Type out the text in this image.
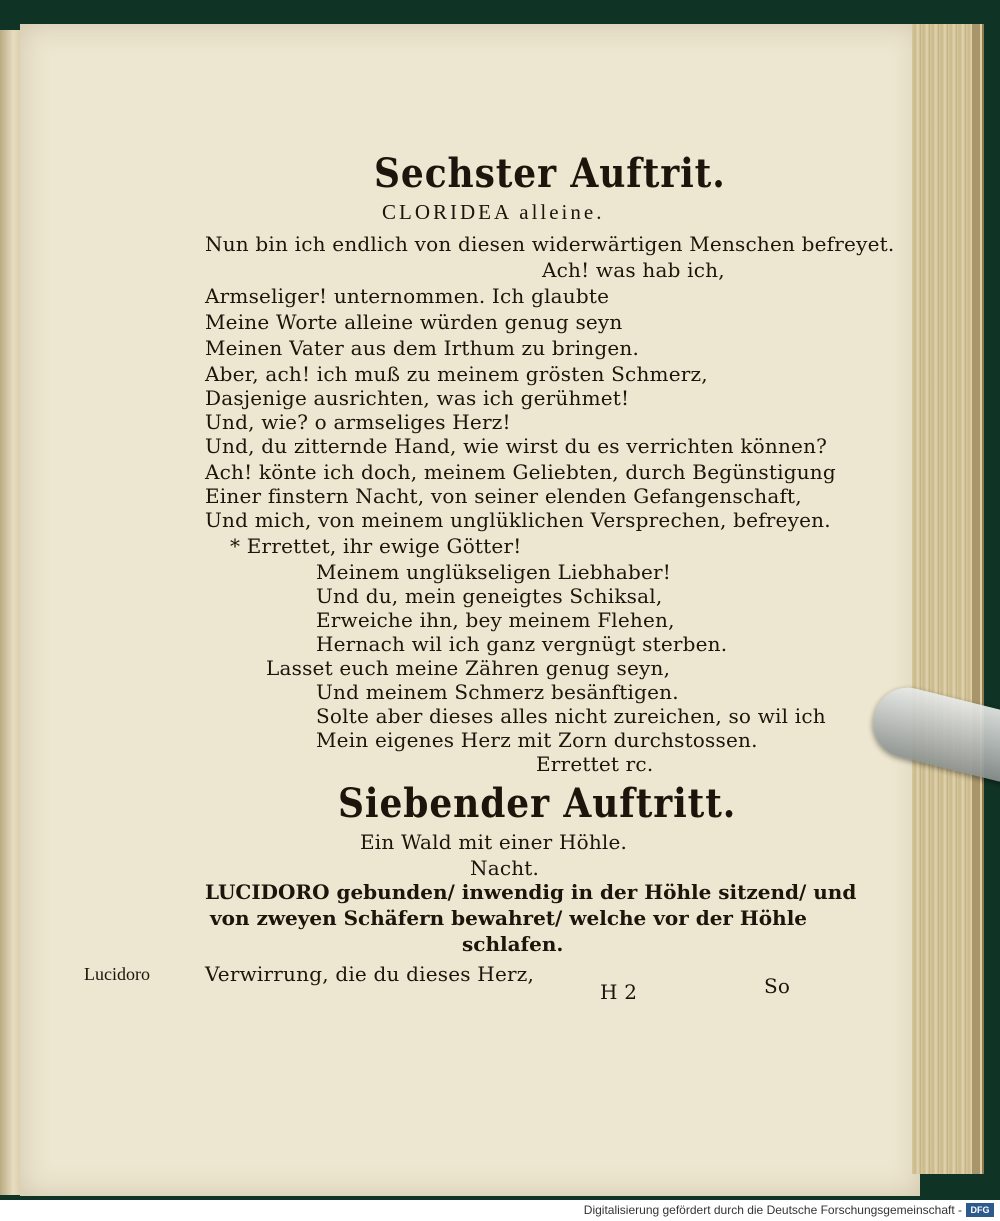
Sechster Auftrit.
CLORIDEA alleine.
Nun bin ich endlich von diesen widerwärtigen Menschen befreyet.
Ach! was hab ich,
Armseliger! unternommen. Ich glaubte
Meine Worte alleine würden genug seyn
Meinen Vater aus dem Irthum zu bringen.
Aber, ach! ich muß zu meinem grösten Schmerz,
Dasjenige ausrichten, was ich gerühmet!
Und, wie? o armseliges Herz!
Und, du zitternde Hand, wie wirst du es verrichten können?
Ach! könte ich doch, meinem Geliebten, durch Begünstigung
Einer finstern Nacht, von seiner elenden Gefangenschaft,
Und mich, von meinem unglüklichen Versprechen, befreyen.
* Errettet, ihr ewige Götter!
Meinem unglükseligen Liebhaber!
Und du, mein geneigtes Schiksal,
Erweiche ihn, bey meinem Flehen,
Hernach wil ich ganz vergnügt sterben.
Lasset euch meine Zähren genug seyn,
Und meinem Schmerz besänftigen.
Solte aber dieses alles nicht zureichen, so wil ich
Mein eigenes Herz mit Zorn durchstossen.
Errettet rc.
Siebender Auftritt.
Ein Wald mit einer Höhle.
Nacht.
LUCIDORO gebunden/ inwendig in der Höhle sitzend/ und
von zweyen Schäfern bewahret/ welche vor der Höhle
schlafen.
Lucidoro	Verwirrung, die du dieses Herz,
H 2	So
Digitalisierung gefördert durch die Deutsche Forschungsgemeinschaft - DFG
